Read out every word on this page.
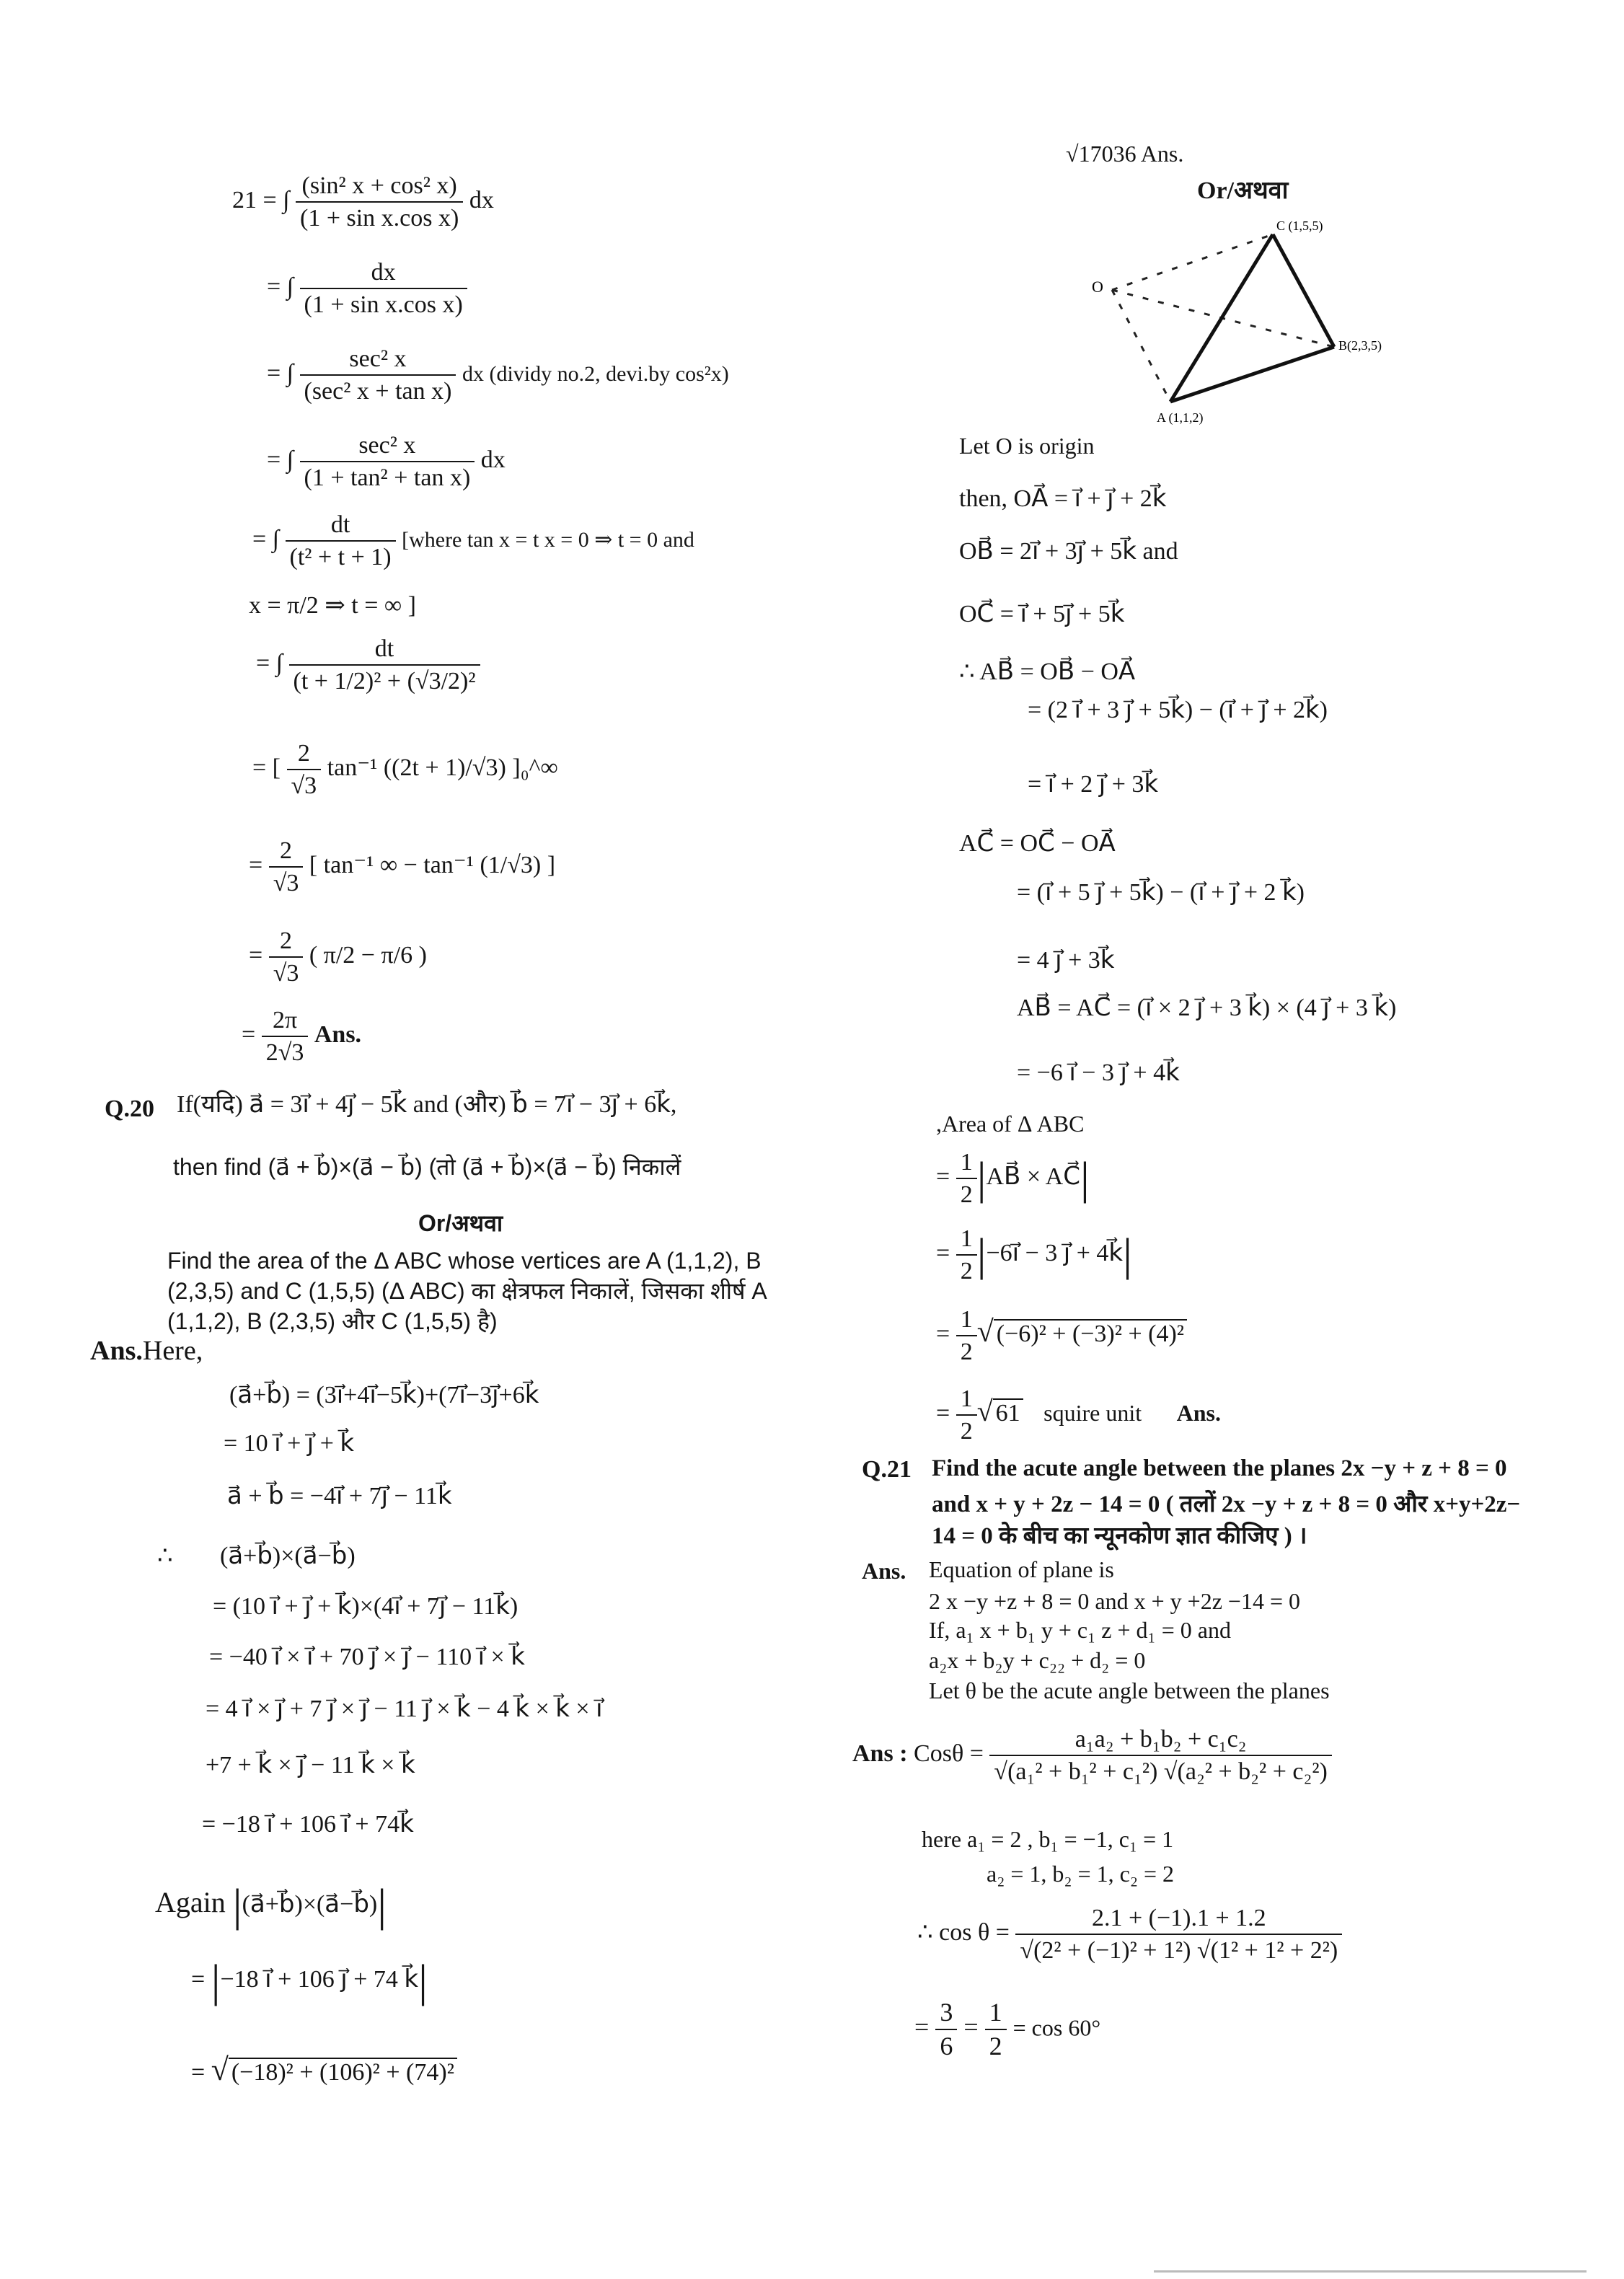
21 = ∫ $\frac{\text{(sin² x + cos² x)}}{\text{(1 + sin x.cos x)}}$ dx
= ∫ $\frac{dx}{\text{(1 + sin x.cos x)}}$
= ∫
sec² x
(sec² x + tan x)
dx (dividy no.2, devi.by cos²x)
= ∫
sec² x
(1 + tan² + tan x)
dx
= ∫ $\frac{dt}{\text{(t² + t + 1)}}$ [where tan x = t x = 0 ⇒ t = 0 and
x = π/2 ⇒ t = ∞ ]
= ∫ $\frac{dt}{\text{(t + 1/2)² + (√3/2)²}}$
= [ $\frac{2}{√3} \tan^{-1}$ ((2t + 1)/√3) ]₀^∞
= $\frac{2}{√3}$ [ tan⁻¹ ∞ − tan⁻¹ (1/√3) ]
= $\frac{2}{√3}$ ( π/2 − π/6 )
= $\frac{2\pi}{2√3}$ Ans.
Q.20 If(यदि) a⃗ = 3i⃗ + 4j⃗ − 5k⃗ and (और) b⃗ = 7i⃗ − 3j⃗ + 6k⃗,
then find (a⃗ + b⃗)×(a⃗ − b⃗) (तो (a⃗ + b⃗)×(a⃗ − b⃗) निकालें
Or/अथवा
Find the area of the Δ ABC whose vertices are A (1,1,2), B
(2,3,5) and C (1,5,5) (Δ ABC) का क्षेत्रफल निकालें, जिसका शीर्ष A
(1,1,2), B (2,3,5) और C (1,5,5) है)
Ans.Here,
(a⃗+b⃗) = (3i⃗+4i⃗−5k⃗)+(7i⃗−3j⃗+6k⃗
= 10 i⃗ + j⃗ + k⃗
a⃗ + b⃗ = −4i⃗ + 7j⃗ − 11k⃗
∴ (a⃗+b⃗)×(a⃗−b⃗)
= (10 i⃗ + j⃗ + k⃗)×(4i⃗ + 7j⃗ − 11k⃗)
= −40 i⃗ × i⃗ + 70 j⃗ × j⃗ − 110 i⃗ × k⃗
= 4 i⃗ × j⃗ + 7 j⃗ × j⃗ − 11 j⃗ × k⃗ − 4 k⃗ × k⃗ × i⃗
+7 + k⃗ × j⃗ − 11 k⃗ × k⃗
= −18 i⃗ + 106 i⃗ + 74k⃗
Again |(a⃗+b⃗)×(a⃗−b⃗)|
= |−18 i⃗ + 106 j⃗ + 74 k⃗|
= √ (−18)² + (106)² + (74)²
√17036 Ans.
Or/अथवा
O
C (1,5,5)
B(2,3,5)
A (1,1,2)
Let O is origin
then, OA⃗ = i⃗ + j⃗ + 2k⃗
OB⃗ = 2i⃗ + 3j⃗ + 5k⃗ and
OC⃗ = i⃗ + 5j⃗ + 5k⃗
∴ AB⃗ = OB⃗ − OA⃗
= (2 i⃗ + 3 j⃗ + 5k⃗) − (i⃗ + j⃗ + 2k⃗)
= i⃗ + 2 j⃗ + 3k⃗
AC⃗ = OC⃗ − OA⃗
= (i⃗ + 5 j⃗ + 5k⃗) − (i⃗ + j⃗ + 2 k⃗)
= 4 j⃗ + 3k⃗
AB⃗ = AC⃗ = (i⃗ × 2 j⃗ + 3 k⃗) × (4 j⃗ + 3 k⃗)
= −6 i⃗ − 3 j⃗ + 4k⃗
,Area of Δ ABC
= $\frac{1}{2}$ |AB⃗ × AC⃗|
= $\frac{1}{2}$ |−6i⃗ − 3 j⃗ + 4k⃗|
= $\frac{1}{2}$ √ (−6)² + (−3)² + (4)²
= $\frac{1}{2}$ √ 61 squire unit Ans.
Q.21 Find the acute angle between the planes 2x −y + z + 8 = 0
and x + y + 2z − 14 = 0 ( तलों 2x −y + z + 8 = 0 और x+y+2z−
14 = 0 के बीच का न्यूनकोण ज्ञात कीजिए ) ।
Ans. Equation of plane is
2 x −y +z + 8 = 0 and x + y +2z −14 = 0
If, a₁ x + b₁ y + c₁ z + d₁ = 0 and
a₂x + b₂y + c₂₂ + d₂ = 0
Let θ be the acute angle between the planes
Ans : $Cos\theta = \frac{\text{a₁a₂ + b₁b₂ + c₁c₂}}{\text{√(a₁² + b₁² + c₁²) √(a₂² + b₂² + c₂²)}}$
here a₁ = 2 , b₁ = −1, c₁ = 1
a₂ = 1, b₂ = 1, c₂ = 2
∴ $\cos \theta = \frac{2.1 + (-1).1 + 1.2}{\text{√(2² + (−1)² + 1²) √(1² + 1² + 2²)}}$
= $\frac{3}{6} = \frac{1}{2} = \cos 60^\circ$
